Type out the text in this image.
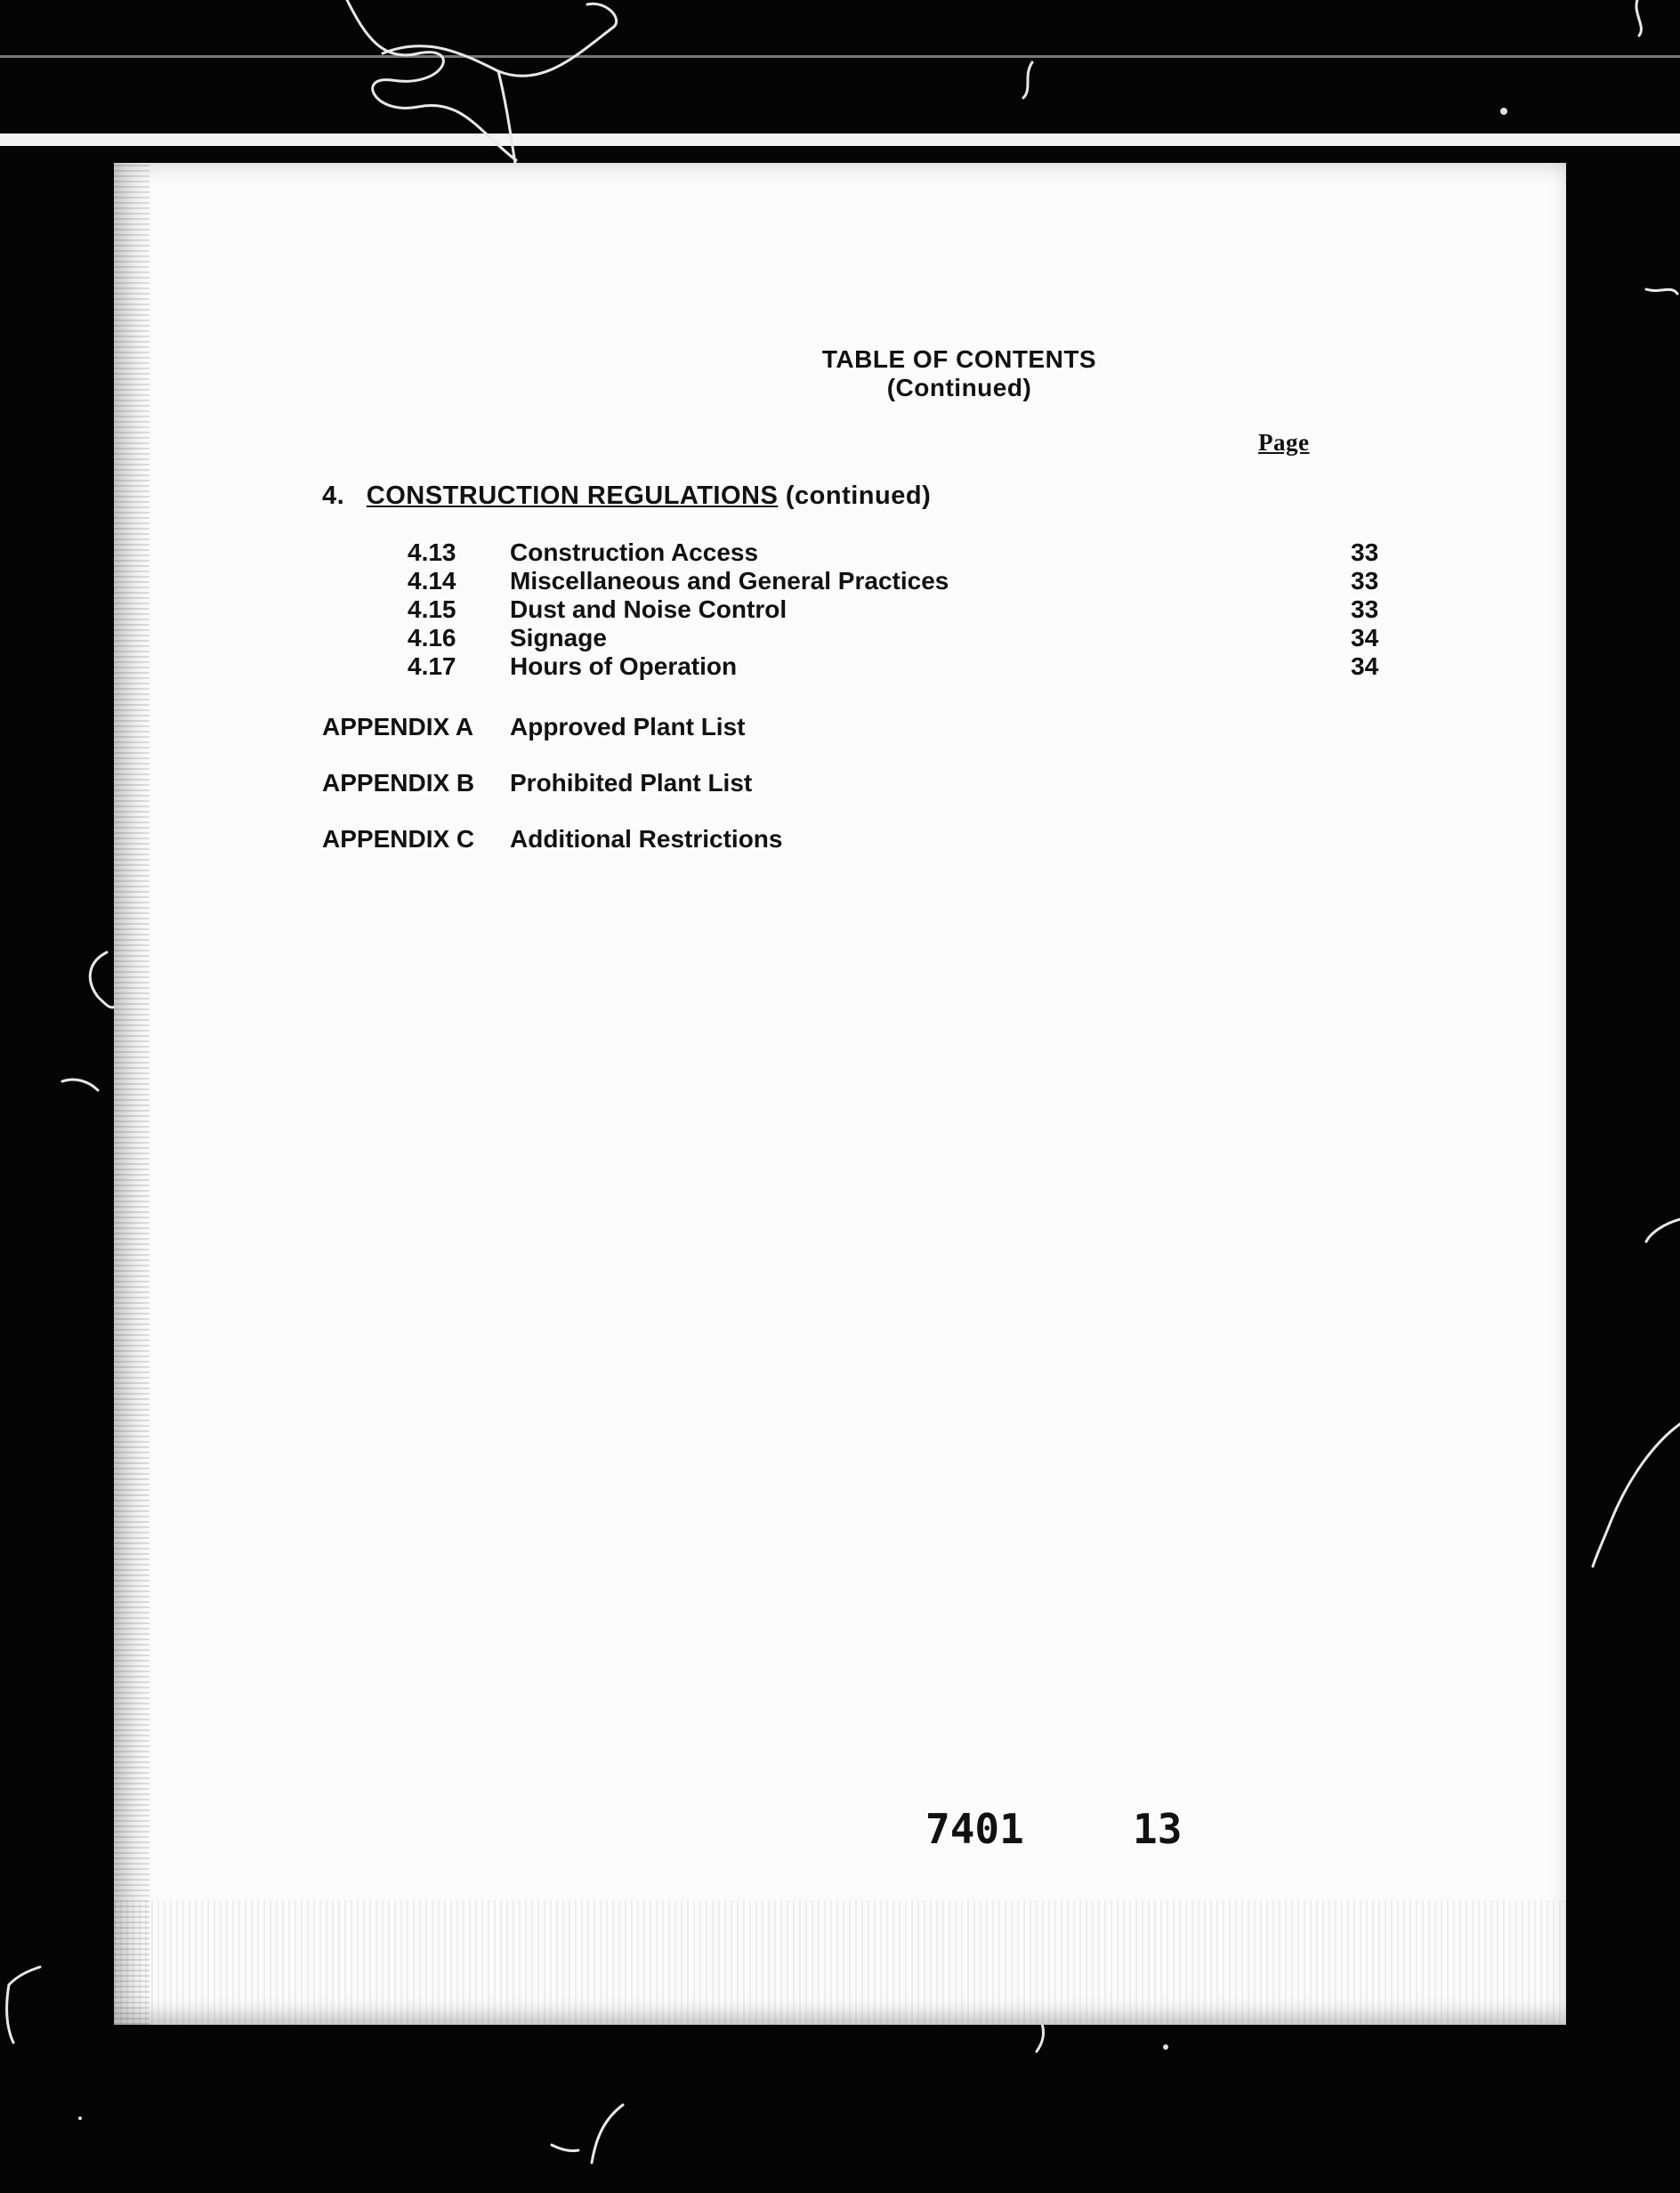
TABLE OF CONTENTS
(Continued)
Page
4. CONSTRUCTION REGULATIONS (continued)
4.13 Construction Access	33
4.14 Miscellaneous and General Practices	33
4.15 Dust and Noise Control	33
4.16 Signage	34
4.17 Hours of Operation	34
APPENDIX A Approved Plant List
APPENDIX B Prohibited Plant List
APPENDIX C Additional Restrictions
7401	13
